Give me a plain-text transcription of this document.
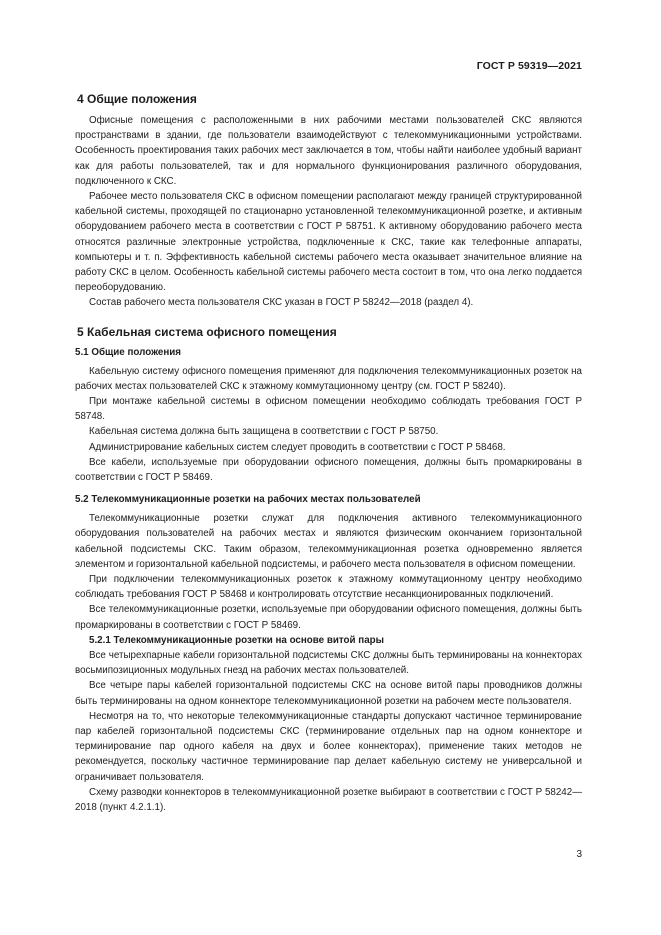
ГОСТ Р 59319—2021
4 Общие положения

Офисные помещения с расположенными в них рабочими местами пользователей СКС являются пространствами в здании, где пользователи взаимодействуют с телекоммуникационными устройствами. Особенность проектирования таких рабочих мест заключается в том, чтобы найти наиболее удобный вариант как для работы пользователей, так и для нормального функционирования различного оборудования, подключенного к СКС.

Рабочее место пользователя СКС в офисном помещении располагают между границей структурированной кабельной системы, проходящей по стационарно установленной телекоммуникационной розетке, и активным оборудованием рабочего места в соответствии с ГОСТ Р 58751. К активному оборудованию рабочего места относятся различные электронные устройства, подключенные к СКС, такие как телефонные аппараты, компьютеры и т. п. Эффективность кабельной системы рабочего места оказывает значительное влияние на работу СКС в целом. Особенность кабельной системы рабочего места состоит в том, что она легко поддается переоборудованию.

Состав рабочего места пользователя СКС указан в ГОСТ Р 58242—2018 (раздел 4).

5 Кабельная система офисного помещения
5.1 Общие положения

Кабельную систему офисного помещения применяют для подключения телекоммуникационных розеток на рабочих местах пользователей СКС к этажному коммутационному центру (см. ГОСТ Р 58240).

При монтаже кабельной системы в офисном помещении необходимо соблюдать требования ГОСТ Р 58748.

Кабельная система должна быть защищена в соответствии с ГОСТ Р 58750.

Администрирование кабельных систем следует проводить в соответствии с ГОСТ Р 58468.

Все кабели, используемые при оборудовании офисного помещения, должны быть промаркированы в соответствии с ГОСТ Р 58469.

5.2 Телекоммуникационные розетки на рабочих местах пользователей

Телекоммуникационные розетки служат для подключения активного телекоммуникационного оборудования пользователей на рабочих местах и являются физическим окончанием горизонтальной кабельной подсистемы СКС. Таким образом, телекоммуникационная розетка одновременно является элементом и горизонтальной кабельной подсистемы, и рабочего места пользователя в офисном помещении.

При подключении телекоммуникационных розеток к этажному коммутационному центру необходимо соблюдать требования ГОСТ Р 58468 и контролировать отсутствие несанкционированных подключений.

Все телекоммуникационные розетки, используемые при оборудовании офисного помещения, должны быть промаркированы в соответствии с ГОСТ Р 58469.

5.2.1 Телекоммуникационные розетки на основе витой пары

Все четырехпарные кабели горизонтальной подсистемы СКС должны быть терминированы на коннекторах восьмипозиционных модульных гнезд на рабочих местах пользователей.

Все четыре пары кабелей горизонтальной подсистемы СКС на основе витой пары проводников должны быть терминированы на одном коннекторе телекоммуникационной розетки на рабочем месте пользователя.

Несмотря на то, что некоторые телекоммуникационные стандарты допускают частичное терминирование пар кабелей горизонтальной подсистемы СКС (терминирование отдельных пар на одном коннекторе и терминирование пар одного кабеля на двух и более коннекторах), применение таких методов не рекомендуется, поскольку частичное терминирование пар делает кабельную систему не универсальной и ограничивает пользователя.

Схему разводки коннекторов в телекоммуникационной розетке выбирают в соответствии с ГОСТ Р 58242—2018 (пункт 4.2.1.1).

3
